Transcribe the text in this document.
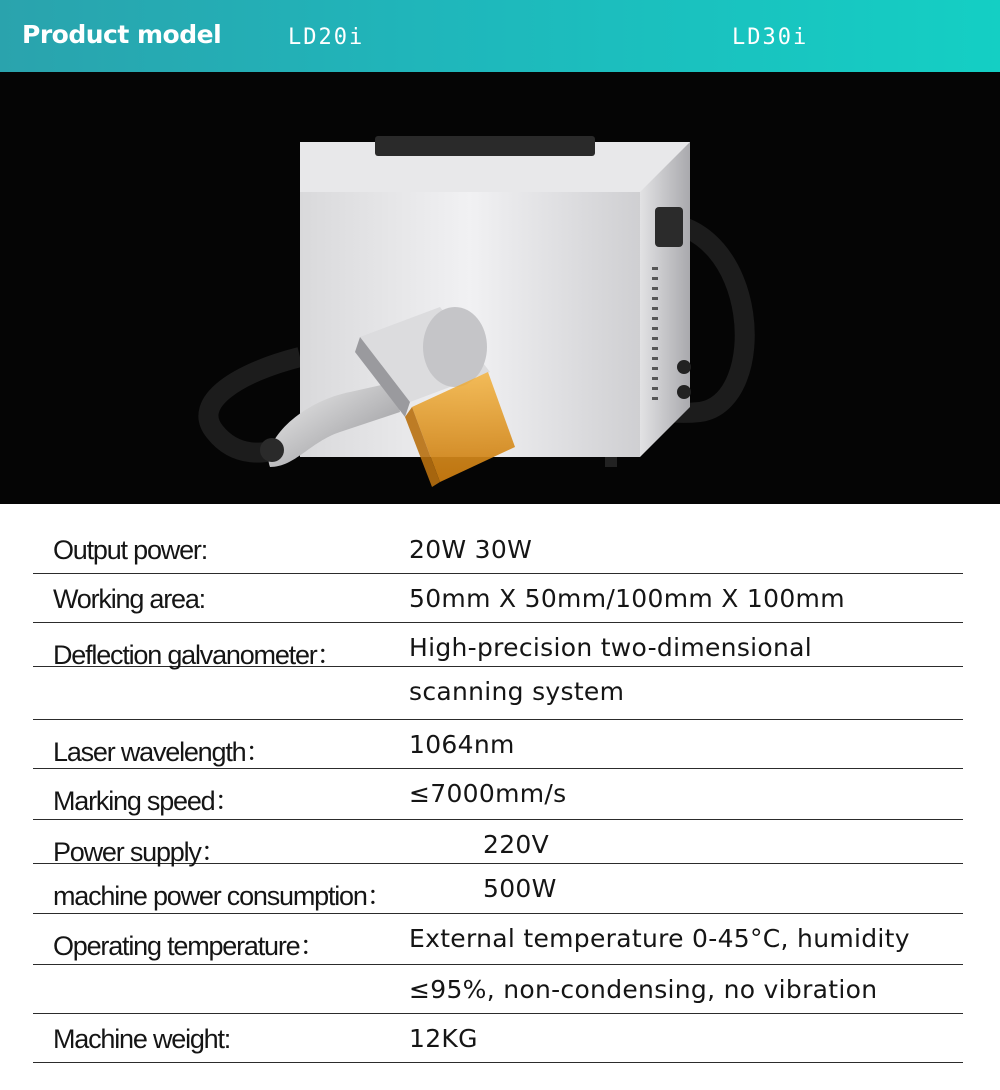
Product model	LD20i	LD30i
Output power:	20W 30W
Working area:	50mm X 50mm/100mm X 100mm
Deflection galvanometer：	High-precision two-dimensional
scanning system
Laser wavelength：	1064nm
Marking speed：	≤7000mm/s
Power supply：	220V
machine power consumption：	500W
Operating temperature：	External temperature 0-45°C, humidity
≤95%, non-condensing, no vibration
Machine weight:	12KG
